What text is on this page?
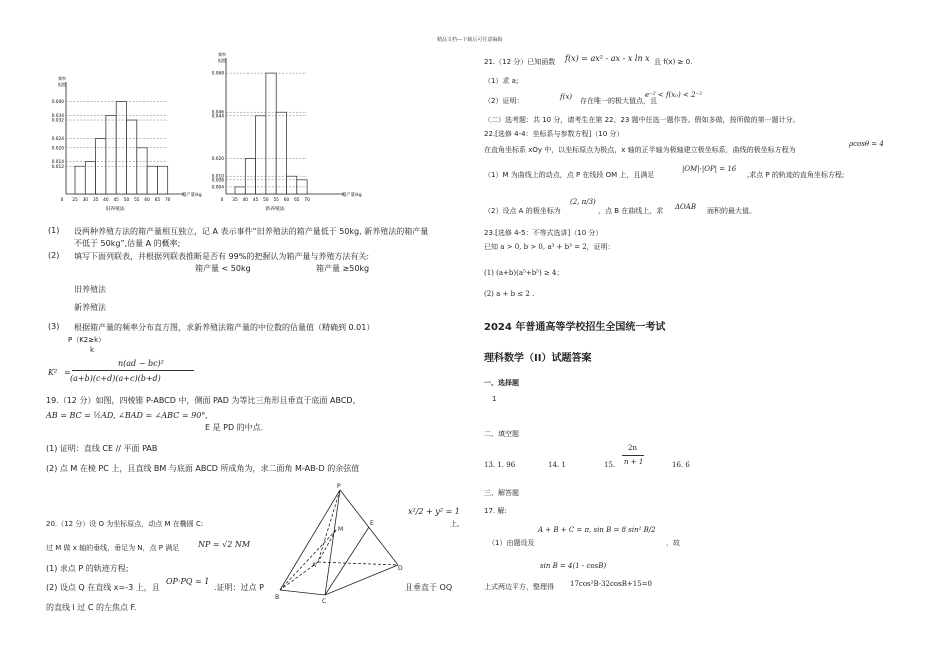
精品文档---下载后可任意编辑
频率
组距
0.040
0.034
0.032
0.024
0.020
0.014
0.012
0 25 30 35 40 45 50 55 60 65 70
箱产量/kg
旧养殖法
频率
组距
0.068
0.046
0.044
0.020
0.010
0.008
0.004
0 35 40 45 50 55 60 65 70
箱产量/kg
新养殖法
(1) 设两种养殖方法的箱产量相互独立，记 A 表示事件“旧养殖法的箱产量低于 50kg, 新养殖法的箱产量
不低于 50kg”,估量 A 的概率;
(2) 填写下面列联表，并根据列联表推断是否有 99%的把握认为箱产量与养殖方法有关:
箱产量 < 50kg	箱产量 ≥50kg
旧养殖法
新养殖法
(3) 根据箱产量的频率分布直方图，求新养殖法箱产量的中位数的估量值（精确到 0.01）
P（K2≥k）
k
K² =
n(ad − bc)²
(a+b)(c+d)(a+c)(b+d)
19.（12 分）如图，四棱锥 P-ABCD 中，侧面 PAD 为等比三角形且垂直于底面 ABCD，
AB = BC = ½AD, ∠BAD = ∠ABC = 90°,
E 是 PD 的中点.
(1) 证明：直线 CE // 平面 PAB
(2) 点 M 在棱 PC 上，且直线 BM 与底面 ABCD 所成角为，求二面角 M-AB-D 的余弦值
20.（12 分）设 O 为坐标原点，动点 M 在椭圆 C:
过 M 做 x 轴的垂线，垂足为 N，点 P 满足 NP = √2 NM
(1) 求点 P 的轨迹方程;
(2) 设点 Q 在直线 x=-3 上，且
OP·PQ = 1
.证明：过点 P	且垂直于 OQ
的直线 l 过 C 的左焦点 F.
x²/2 + y² = 1
上,
P
M
E
A
B
C
D
21.（12 分）已知函数 f(x) = ax² - ax - x ln x 且 f(x) ≥ 0.
（1）求 a;
（2）证明：	f(x) 存在唯一的极大值点，且
e⁻² < f(x₀) < 2⁻²
（二）选考题：共 10 分，请考生在第 22、23 题中任选一题作答。假如多做，按所做的第一题计分。
22.[选修 4-4：坐标系与参数方程]（10 分）
在直角坐标系 xOy 中，以坐标原点为极点，x 轴的正半轴为极轴建立极坐标系，曲线的极坐标方程为
ρcosθ = 4
（1）M 为曲线上的动点，点 P 在线段 OM 上，且满足
|OM|·|OP| = 16
,求点 P 的轨迹的直角坐标方程;
（2）设点 A 的极坐标为
(2, π/3)
，点 B 在曲线上，求 ΔOAB 面积的最大值。
23.[选修 4-5：不等式选讲]（10 分）
已知 a > 0, b > 0, a³ + b³ = 2，证明：
(1) (a+b)(a⁵+b⁵) ≥ 4；
(2) a + b ≤ 2 .
2024 年普通高等学校招生全国统一考试
理科数学（II）试题答案
一、选择题
1
二、填空题
13. 1. 96	14. 1	15.
2n
n + 1	16. 6
三、解答题
17. 解:
A + B + C = π, sin B = 8 sin² B/2
（1）由题设及	，故
sin B = 4(1 - cosB)
上式两边平方，整理得 17cos²B-32cosB+15=0
